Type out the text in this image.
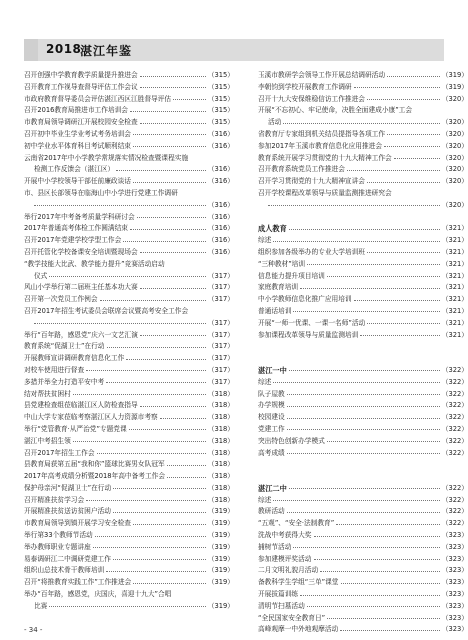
2018
湛江年鉴
召开创强中学教育教学质量提升推进会	（315）
召开教育工作视导查督导评估工作会议	（315）
市政府教育督导委员会评估湛江西区江胜督导评估	（315）
召开2016教育局推进市工作培训会	（315）
市教育局领导调研江开展校园安全检查	（315）
召开初中毕业生学业考试考务培训会	（316）
初中学业水平体育科目考试顺利结束	（316）
云南省2017年中小学教学常规落实情况检查暨课程实施
检测工作反馈会（湛江区）	（316）
开展中小学校领导干部任前廉政谈话	（316）
市、县区长部领导在临海山中小学进行党建工作调研
（316）
举行2017年中考备考质量学科研讨会	（316）
2017年普通高考体检工作圆满结束	（316）
召开2017年党建学校学型工作会	（316）
召开托管化学校备课安全培训暨现场会	（316）
“教学技能大比武、教学能力提升”竞赛活动启动
仪式	（317）
风山小学举行第二届班主任基本功大赛	（317）
召开第一次党员工作例会	（317）
召开2017年招生考试委员会联席会议暨高考安全工作会
（317）
举行“百年路，感恩党”庆六一文艺汇演	（317）
教育系统“促湖卫士”在行动	（317）
开展教师宣讲调研教育信息化工作	（317）
对校车使用进行督查	（317）
多措并举全力打造平安中考	（317）
结对帮扶贫困村	（318）
县党建检查组莅临湛江区人防检查指导	（318）
中山大学专家莅临考察湛江区人力资源市考察	（318）
举行“党管教育·从严治党”专题党课	（318）
湛江中考招生领	（318）
召开2017年招生工作会	（318）
县教育局获第五届“我和你”篮球比赛男女队冠军	（318）
2017年高考成绩分析暨2018年高中备考工作会	（318）
保护母亲河“促湖卫士”在行动	（318）
召开精准扶贫学习会	（318）
开展精准扶贫送访贫困户活动	（319）
市教育局领导到镇开展学习安全检查	（319）
举行第33个教师节活动	（319）
举办教师职业专题讲座	（319）
易泰调研江二中调研党建工作	（319）
组织山总技术骨干教师培训	（319）
召开“将推教育实践工作”工作推进会	（319）
举办“百年路，感恩党，庆国庆，喜迎十九大”合唱
比赛	（319）
玉溪市教研学会领导工作开展总结调研活动	（319）
李朝钧到学校开展教育工作调研	（319）
召开十九大安保维稳信访工作推进会	（320）
开展“不忘初心、牢记使命，决胜全面建成小康”工会
活动	（320）
省教育厅专家组到机关结员提指导各项工作	（320）
参加2017年玉溪市教育信息化应用推进会	（320）
教育系统开展学习贯彻党的十九大精神工作会	（320）
召开教育系统党员工作推进会	（320）
召开学习贯彻党的十九大精神宣讲会	（320）
召开学校课程改革领导与质量监测推进研究会
（320）
成人教育	（321）
综述	（321）
组织参加各级举办的专业大学培训班	（321）
“三种教材”培训	（321）
信息能力提升项目培训	（321）
家庭教育培训	（321）
中小学教师信息化推广应用培训	（321）
普通话培训	（321）
开展“一师一优课、一课一名师”活动	（321）
参加课程改革领导与质量监测培训	（321）
湛江一中	（322）
综述	（322）
队子屋教	（322）
办学规模	（322）
校园建设	（322）
党建工作	（322）
突出特色创新办学模式	（322）
高考成绩	（322）
湛江二中	（322）
综述	（322）
教研活动	（322）
“五观”、“安全·法制教育”	（322）
洗战中考获得大奖	（323）
捕树节活动	（323）
参加建模评奖活动	（323）
二月文明礼貌月活动	（323）
备教科学生学组“三单”课堂	（323）
开展拔篇训练	（323）
清明节扫墓活动	（323）
“全民国家安全教育日”	（323）
高峰观摩一中外地观摩活动	（323）
- 34 -
